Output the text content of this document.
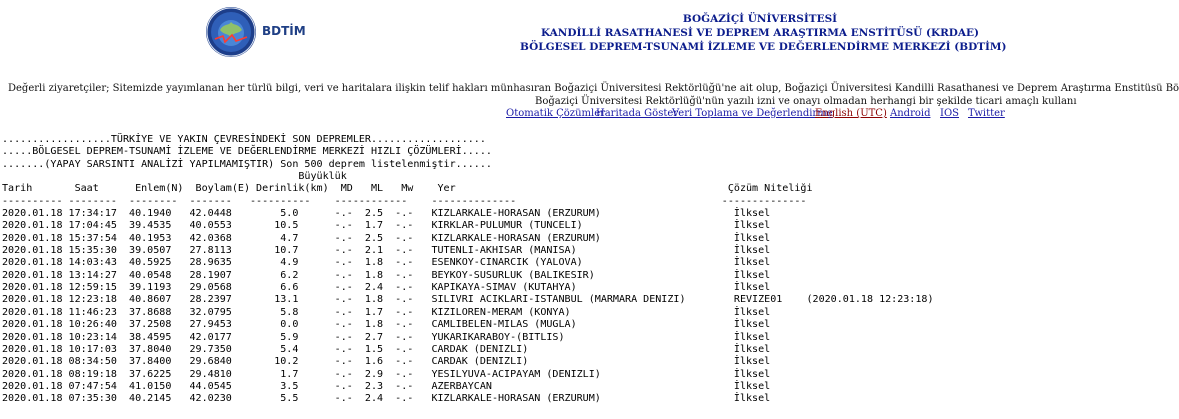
BDTİM
BOĞAZİÇİ ÜNİVERSİTESİ
KANDİLLİ RASATHANESİ VE DEPREM ARAŞTIRMA ENSTİTÜSÜ (KRDAE)
BÖLGESEL DEPREM-TSUNAMİ İZLEME VE DEĞERLENDİRME MERKEZİ (BDTİM)
Değerli ziyaretçiler; Sitemizde yayımlanan her türlü bilgi, veri ve haritalara ilişkin telif hakları münhasıran Boğaziçi Üniversitesi Rektörlüğü'ne ait olup, Boğaziçi Üniversitesi Kandilli Rasathanesi ve Deprem Araştırma Enstitüsü Bö
Boğaziçi Üniversitesi Rektörlüğü'nün yazılı izni ve onayı olmadan herhangi bir şekilde ticari amaçlı kullanı
Otomatik Çözümler
Haritada Göster
Veri Toplama ve Değerlendirme
English (UTC) Android IOS Twitter
..................TÜRKİYE VE YAKIN ÇEVRESİNDEKİ SON DEPREMLER...................
.....BÖLGESEL DEPREM-TSUNAMİ İZLEME VE DEĞERLENDİRME MERKEZİ HIZLI ÇÖZÜMLERİ.....
.......(YAPAY SARSINTI ANALİZİ YAPILMAMIŞTIR) Son 500 deprem listelenmiştir......
Büyüklük
Tarih       Saat      Enlem(N)  Boylam(E) Derinlik(km)  MD   ML   Mw    Yer                                             Çözüm Niteliği
---------- --------  --------  -------   ----------    ------------    --------------                                  --------------
2020.01.18 17:34:17  40.1940   42.0448        5.0      -.-  2.5  -.-   KIZLARKALE-HORASAN (ERZURUM)                      İlksel
2020.01.18 17:04:45  39.4535   40.0553       10.5      -.-  1.7  -.-   KIRKLAR-PULUMUR (TUNCELI)                         İlksel
2020.01.18 15:37:54  40.1953   42.0368        4.7      -.-  2.5  -.-   KIZLARKALE-HORASAN (ERZURUM)                      İlksel
2020.01.18 15:35:30  39.0507   27.8113       10.7      -.-  2.1  -.-   TUTENLI-AKHISAR (MANISA)                          İlksel
2020.01.18 14:03:43  40.5925   28.9635        4.9      -.-  1.8  -.-   ESENKOY-CINARCIK (YALOVA)                         İlksel
2020.01.18 13:14:27  40.0548   28.1907        6.2      -.-  1.8  -.-   BEYKOY-SUSURLUK (BALIKESIR)                       İlksel
2020.01.18 12:59:15  39.1193   29.0568        6.6      -.-  2.4  -.-   KAPIKAYA-SIMAV (KUTAHYA)                          İlksel
2020.01.18 12:23:18  40.8607   28.2397       13.1      -.-  1.8  -.-   SILIVRI ACIKLARI-ISTANBUL (MARMARA DENIZI)        REVIZE01    (2020.01.18 12:23:18)
2020.01.18 11:46:23  37.8688   32.0795        5.8      -.-  1.7  -.-   KIZILOREN-MERAM (KONYA)                           İlksel
2020.01.18 10:26:40  37.2508   27.9453        0.0      -.-  1.8  -.-   CAMLIBELEN-MILAS (MUGLA)                          İlksel
2020.01.18 10:23:14  38.4595   42.0177        5.9      -.-  2.7  -.-   YUKARIKARABOY-(BITLIS)                            İlksel
2020.01.18 10:17:03  37.8040   29.7350        5.4      -.-  1.5  -.-   CARDAK (DENIZLI)                                  İlksel
2020.01.18 08:34:50  37.8400   29.6840       10.2      -.-  1.6  -.-   CARDAK (DENIZLI)                                  İlksel
2020.01.18 08:19:18  37.6225   29.4810        1.7      -.-  2.9  -.-   YESILYUVA-ACIPAYAM (DENIZLI)                      İlksel
2020.01.18 07:47:54  41.0150   44.0545        3.5      -.-  2.3  -.-   AZERBAYCAN                                        İlksel
2020.01.18 07:35:30  40.2145   42.0230        5.5      -.-  2.4  -.-   KIZLARKALE-HORASAN (ERZURUM)                      İlksel
